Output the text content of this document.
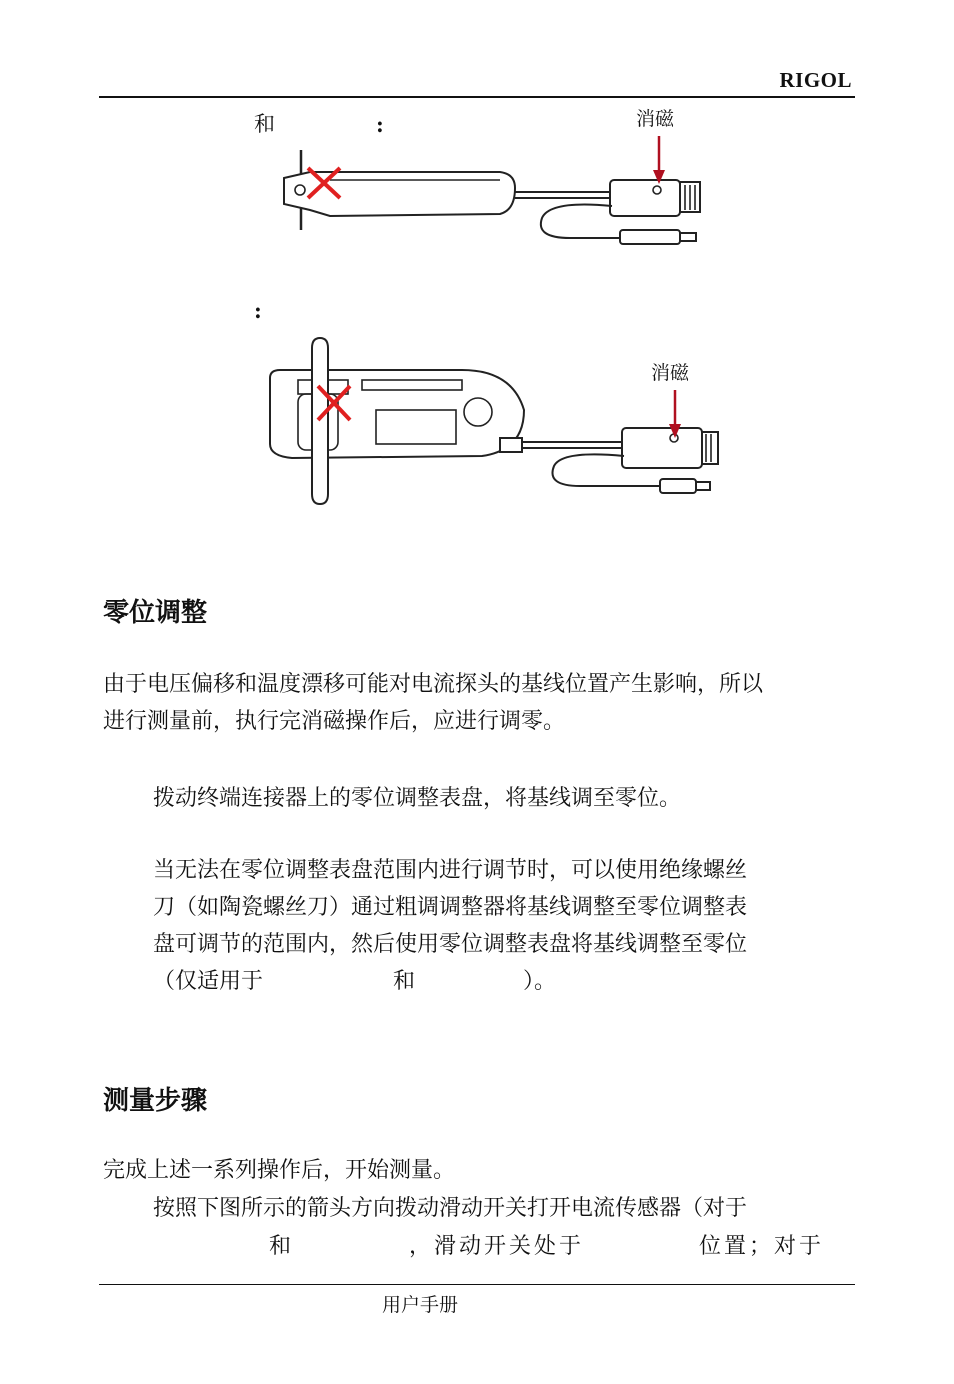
RIGOL
和	:	消磁
:
消磁
零位调整
由于电压偏移和温度漂移可能对电流探头的基线位置产生影响，所以
进行测量前，执行完消磁操作后，应进行调零。
拨动终端连接器上的零位调整表盘，将基线调至零位。
当无法在零位调整表盘范围内进行调节时，可以使用绝缘螺丝
刀（如陶瓷螺丝刀）通过粗调调整器将基线调整至零位调整表
盘可调节的范围内，然后使用零位调整表盘将基线调整至零位
（仅适用于	和	）。
测量步骤
完成上述一系列操作后，开始测量。
按照下图所示的箭头方向拨动滑动开关打开电流传感器（对于
和	，滑动开关处于	位置；对于
用户手册
